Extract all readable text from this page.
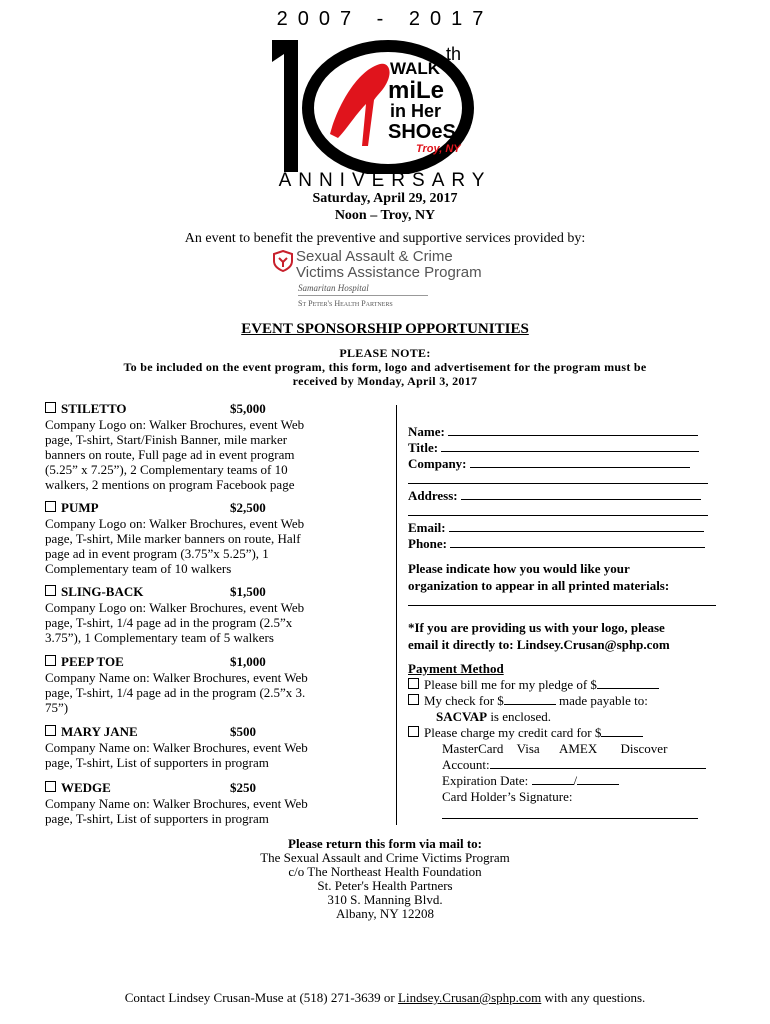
2007 - 2017
th
WALK a
miLe
in Her
SHOeS ®
Troy, NY
ANNIVERSARY
Saturday, April 29, 2017
Noon – Troy, NY
An event to benefit the preventive and supportive services provided by:
Sexual Assault & Crime
Victims Assistance Program
Samaritan Hospital
St Peter's Health Partners
EVENT SPONSORSHIP OPPORTUNITIES
PLEASE NOTE:
To be included on the event program, this form, logo and advertisement for the program must be
received by Monday, April 3, 2017
STILETTO	$5,000
Company Logo on: Walker Brochures, event Web
page, T-shirt, Start/Finish Banner, mile marker
banners on route, Full page ad in event program
(5.25” x 7.25”), 2 Complementary teams of 10
walkers, 2 mentions on program Facebook page
PUMP	$2,500
Company Logo on: Walker Brochures, event Web
page, T-shirt, Mile marker banners on route, Half
page ad in event program (3.75”x 5.25”), 1
Complementary team of 10 walkers
SLING-BACK	$1,500
Company Logo on: Walker Brochures, event Web
page, T-shirt, 1/4 page ad in the program (2.5”x
3.75”), 1 Complementary team of 5 walkers
PEEP TOE	$1,000
Company Name on: Walker Brochures, event Web
page, T-shirt, 1/4 page ad in the program (2.5”x 3.
75”)
MARY JANE	$500
Company Name on: Walker Brochures, event Web
page, T-shirt, List of supporters in program
WEDGE	$250
Company Name on: Walker Brochures, event Web
page, T-shirt, List of supporters in program
Name:
Title:
Company:
Address:
Email:
Phone:
Please indicate how you would like your
organization to appear in all printed materials:
*If you are providing us with your logo, please
email it directly to: Lindsey.Crusan@sphp.com
Payment Method
Please bill me for my pledge of $
My check for $	made payable to:
SACVAP is enclosed.
Please charge my credit card for $
MasterCard Visa AMEX Discover
Account:
Expiration Date:	/
Card Holder’s Signature:
Please return this form via mail to:
The Sexual Assault and Crime Victims Program
c/o The Northeast Health Foundation
St. Peter's Health Partners
310 S. Manning Blvd.
Albany, NY 12208
Contact Lindsey Crusan-Muse at (518) 271-3639 or Lindsey.Crusan@sphp.com with any questions.
